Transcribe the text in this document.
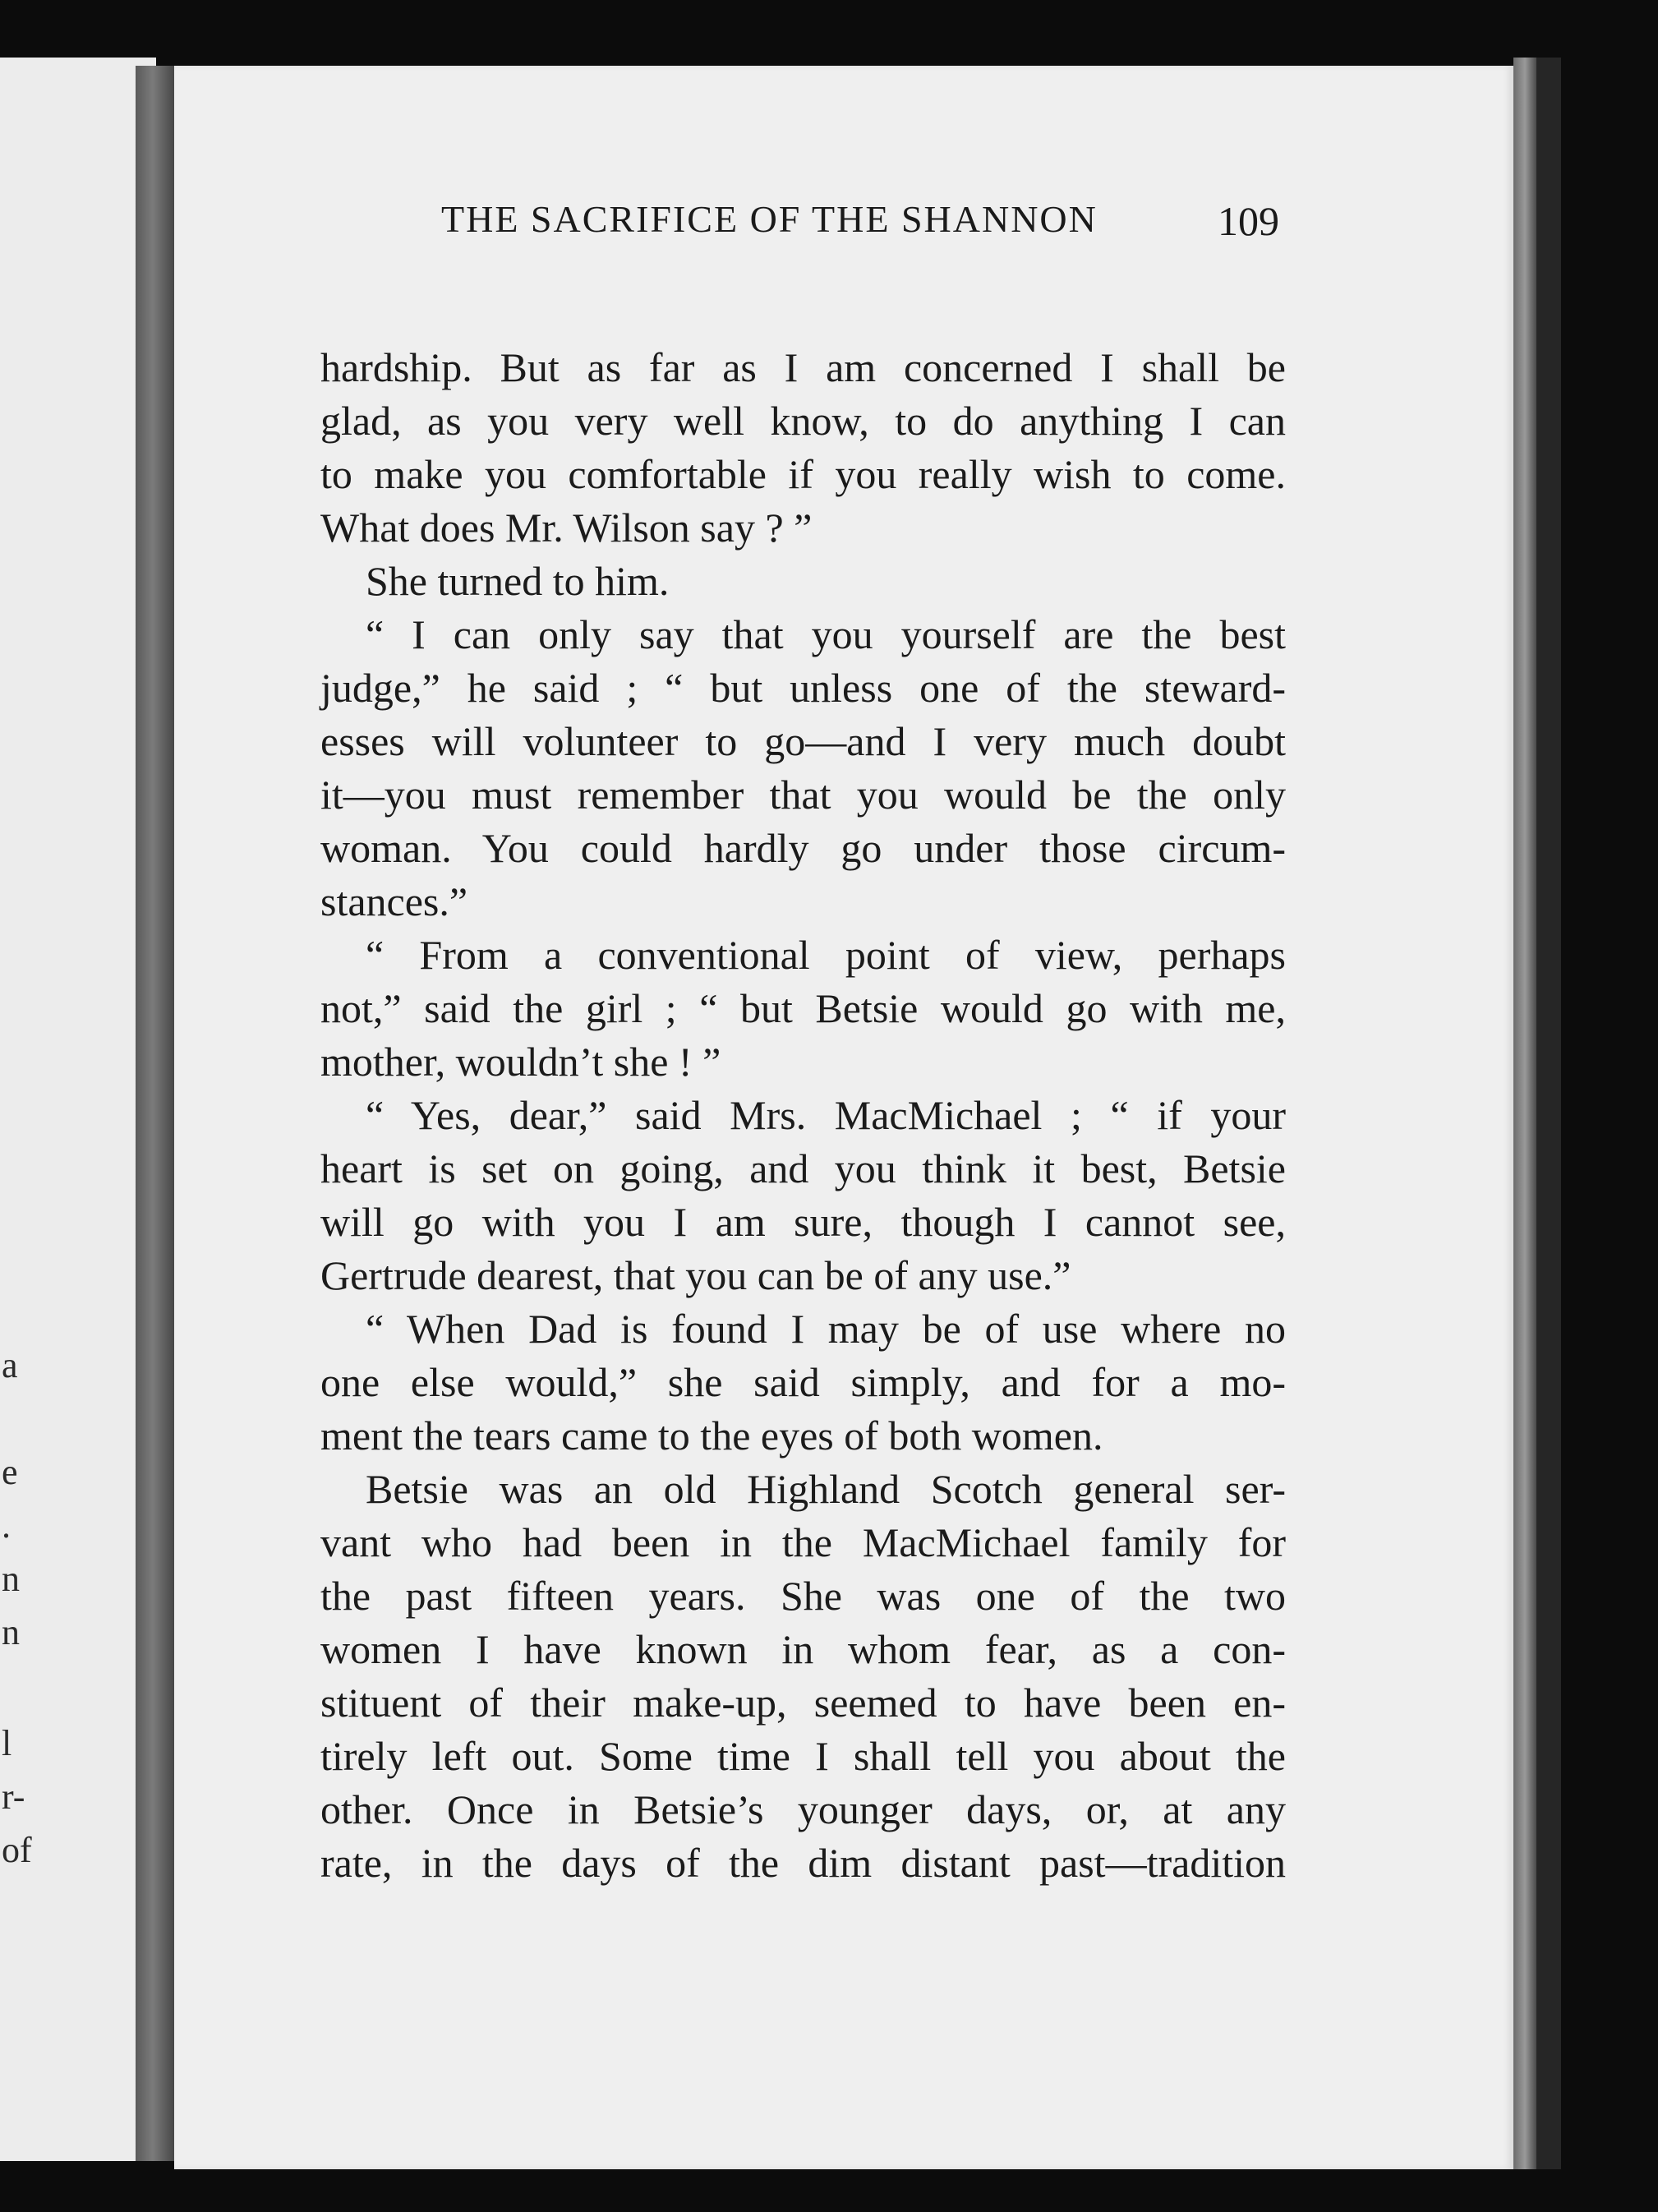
a
e
.
n
n
l
r-
of
THE SACRIFICE OF THE SHANNON	109
hardship. But as far as I am concerned I shall be
glad, as you very well know, to do anything I can
to make you comfortable if you really wish to come.
What does Mr. Wilson say ? ”
She turned to him.
“ I can only say that you yourself are the best
judge,” he said ; “ but unless one of the steward-
esses will volunteer to go—and I very much doubt
it—you must remember that you would be the only
woman. You could hardly go under those circum-
stances.”
“ From a conventional point of view, perhaps
not,” said the girl ; “ but Betsie would go with me,
mother, wouldn’t she ! ”
“ Yes, dear,” said Mrs. MacMichael ; “ if your
heart is set on going, and you think it best, Betsie
will go with you I am sure, though I cannot see,
Gertrude dearest, that you can be of any use.”
“ When Dad is found I may be of use where no
one else would,” she said simply, and for a mo-
ment the tears came to the eyes of both women.
Betsie was an old Highland Scotch general ser-
vant who had been in the MacMichael family for
the past fifteen years. She was one of the two
women I have known in whom fear, as a con-
stituent of their make-up, seemed to have been en-
tirely left out. Some time I shall tell you about the
other. Once in Betsie’s younger days, or, at any
rate, in the days of the dim distant past—tradition
